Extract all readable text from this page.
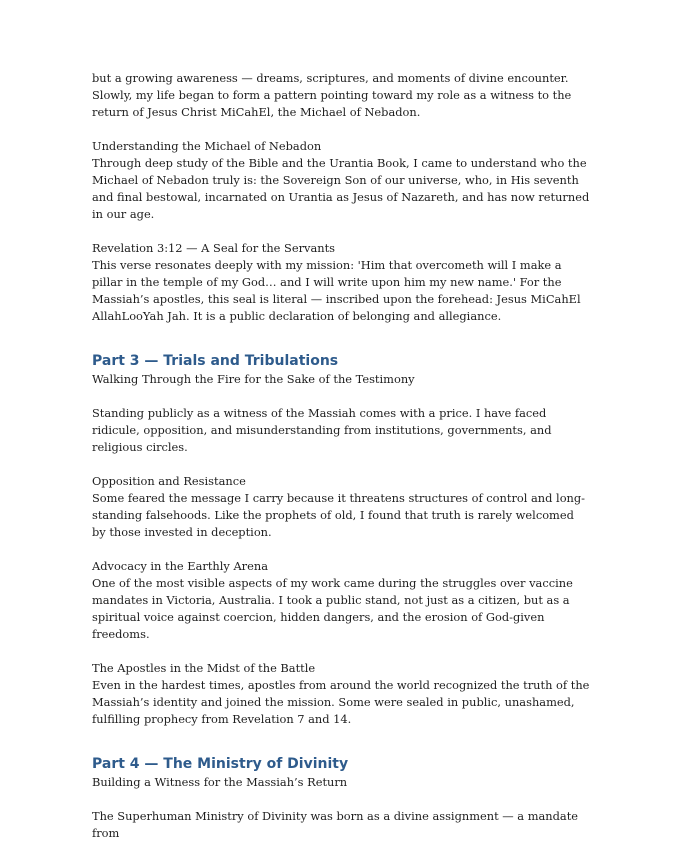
but a growing awareness — dreams, scriptures, and moments of divine encounter. Slowly, my life began to form a pattern pointing toward my role as a witness to the return of Jesus Christ MiCahEl, the Michael of Nebadon.

Understanding the Michael of Nebadon

Through deep study of the Bible and the Urantia Book, I came to understand who the Michael of Nebadon truly is: the Sovereign Son of our universe, who, in His seventh and final bestowal, incarnated on Urantia as Jesus of Nazareth, and has now returned in our age.

Revelation 3:12 — A Seal for the Servants

This verse resonates deeply with my mission: 'Him that overcometh will I make a pillar in the temple of my God… and I will write upon him my new name.' For the Massiah’s apostles, this seal is literal — inscribed upon the forehead: Jesus MiCahEl AllahLooYah Jah. It is a public declaration of belonging and allegiance.

Part 3 — Trials and Tribulations

Walking Through the Fire for the Sake of the Testimony

Standing publicly as a witness of the Massiah comes with a price. I have faced ridicule, opposition, and misunderstanding from institutions, governments, and religious circles.

Opposition and Resistance

Some feared the message I carry because it threatens structures of control and long-standing falsehoods. Like the prophets of old, I found that truth is rarely welcomed by those invested in deception.

Advocacy in the Earthly Arena

One of the most visible aspects of my work came during the struggles over vaccine mandates in Victoria, Australia. I took a public stand, not just as a citizen, but as a spiritual voice against coercion, hidden dangers, and the erosion of God-given freedoms.

The Apostles in the Midst of the Battle

Even in the hardest times, apostles from around the world recognized the truth of the Massiah’s identity and joined the mission. Some were sealed in public, unashamed, fulfilling prophecy from Revelation 7 and 14.

Part 4 — The Ministry of Divinity

Building a Witness for the Massiah’s Return

The Superhuman Ministry of Divinity was born as a divine assignment — a mandate from
